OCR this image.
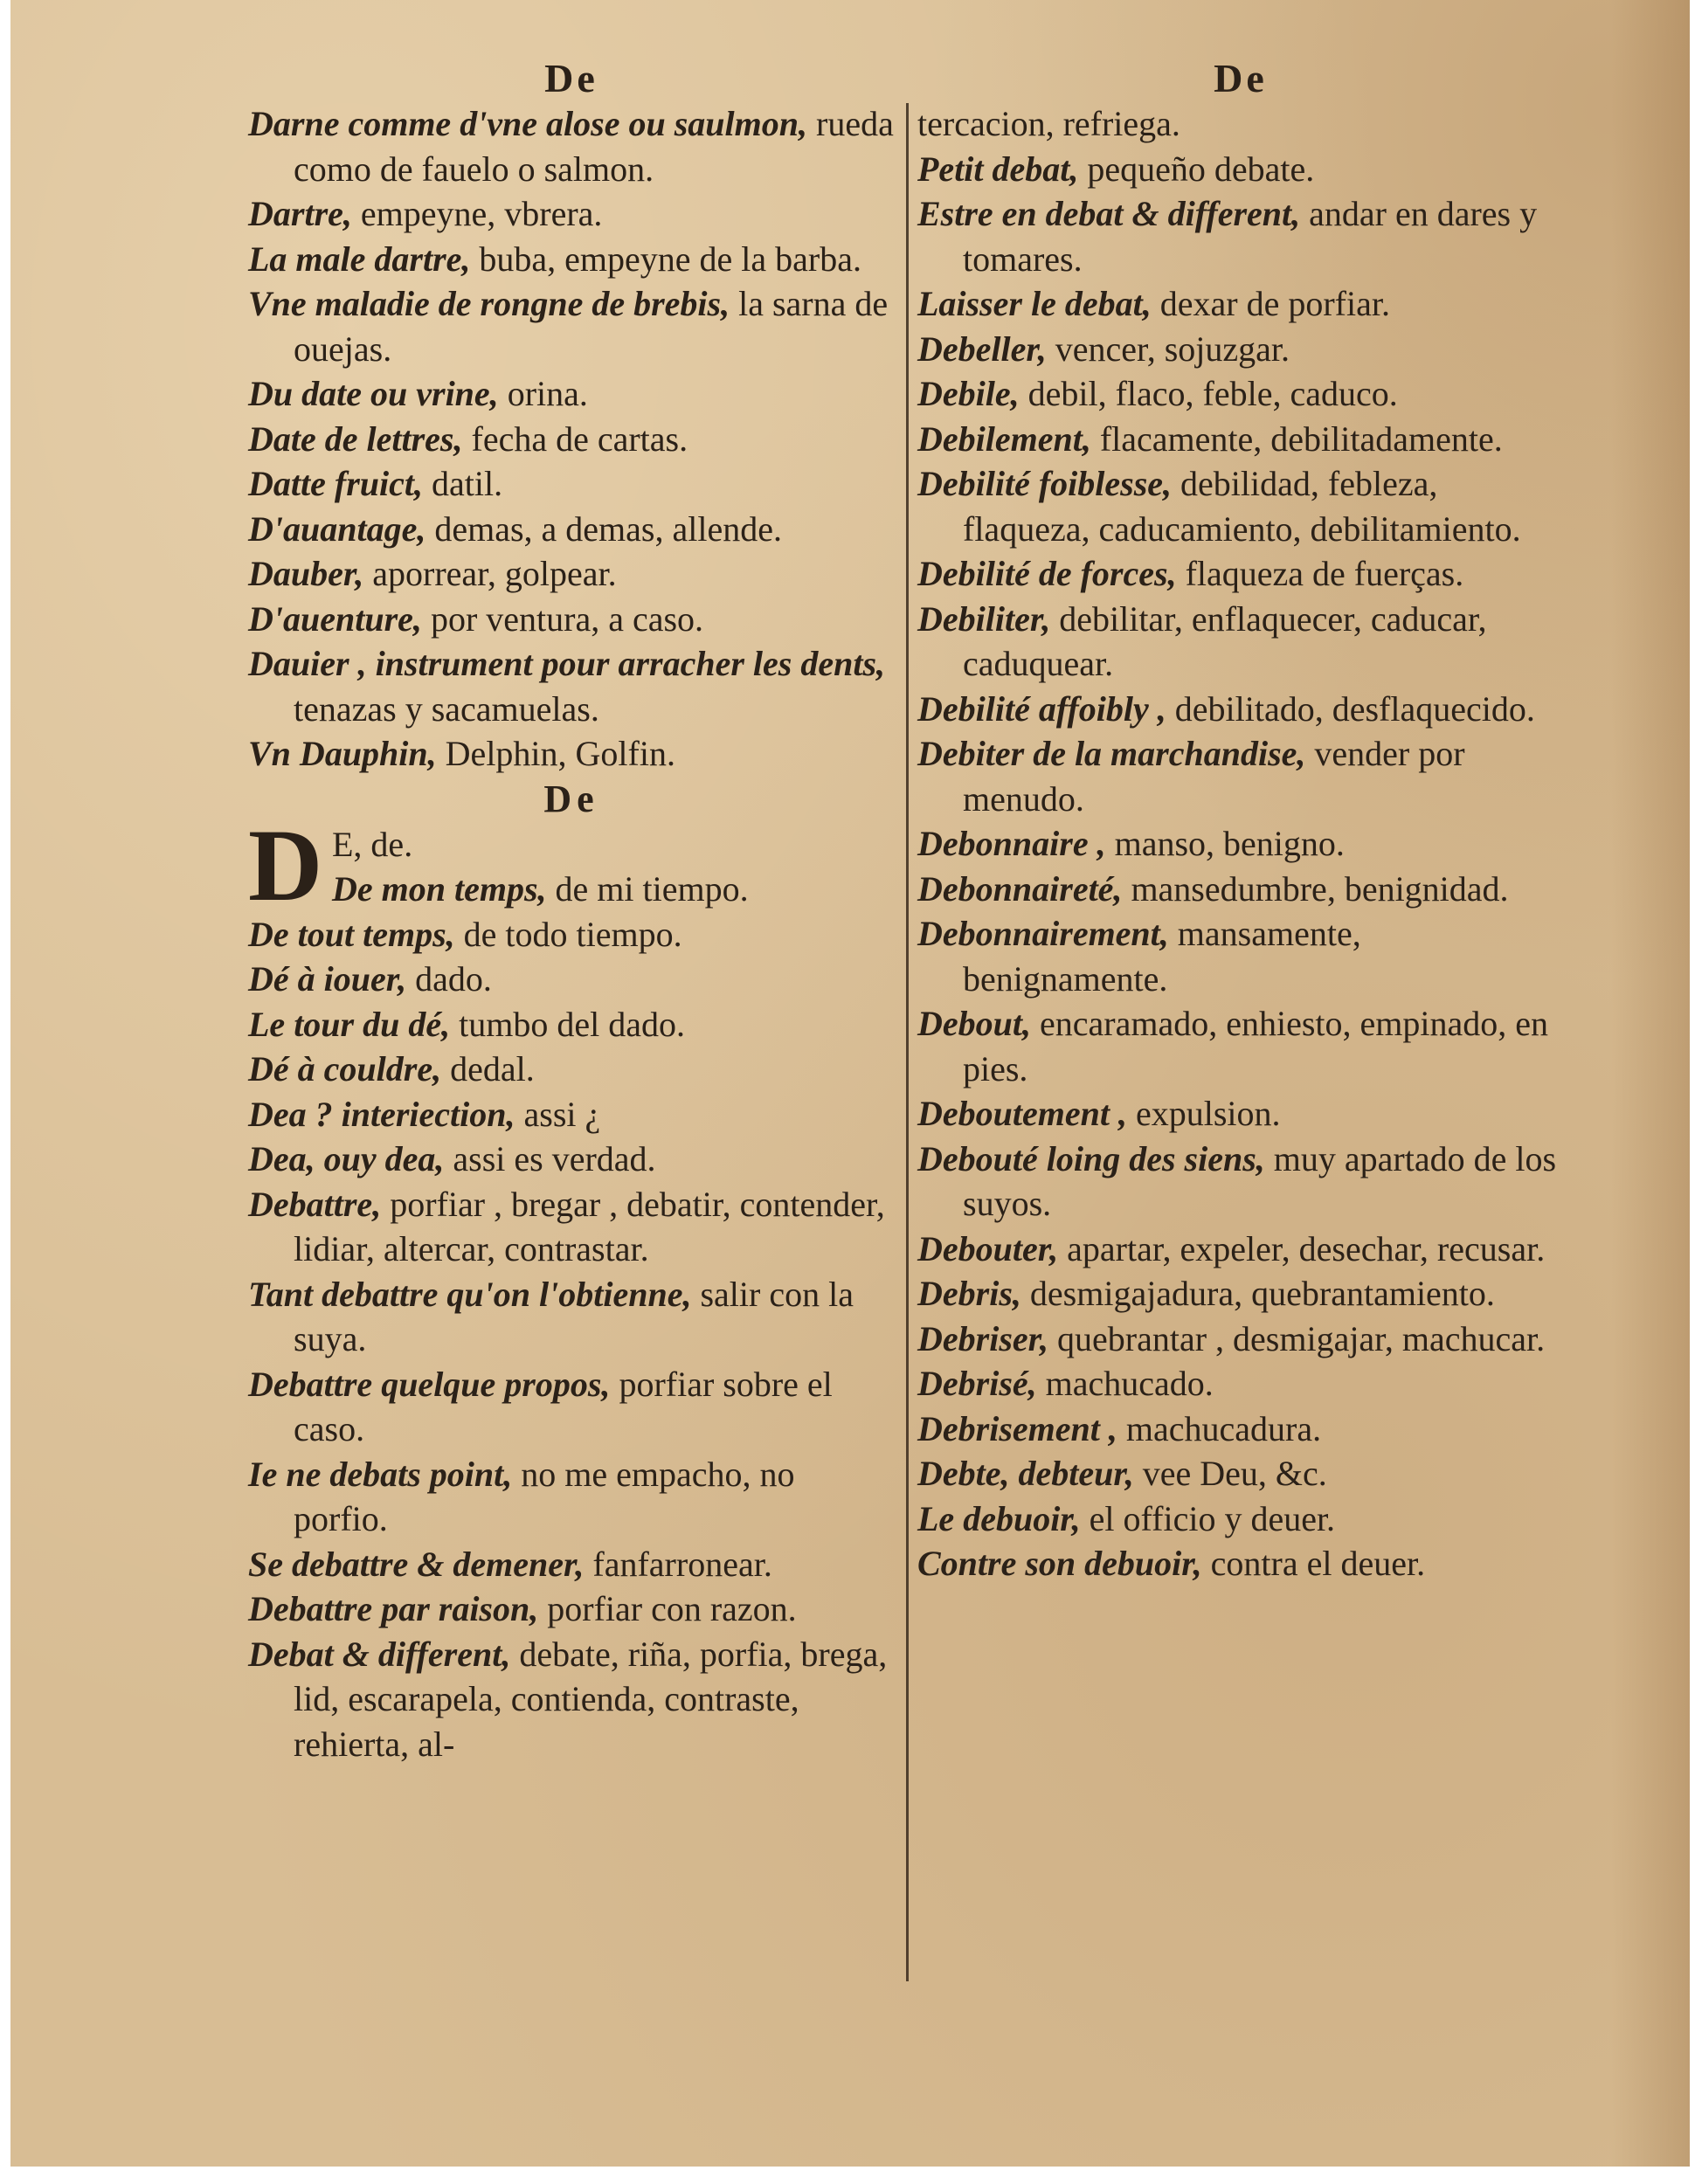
De

Darne comme d'vne alose ou saulmon, rueda como de fauelo o salmon.

Dartre, empeyne, vbrera.

La male dartre, buba, empeyne de la barba.

Vne maladie de rongne de brebis, la sarna de ouejas.

Du date ou vrine, orina.

Date de lettres, fecha de cartas.

Datte fruict, datil.

D'auantage, demas, a demas, allende.

Dauber, aporrear, golpear.

D'auenture, por ventura, a caso.

Dauier , instrument pour arracher les dents, tenazas y sacamuelas.

Vn Dauphin, Delphin, Golfin.

De
D E, de.

De mon temps, de mi tiempo.

De tout temps, de todo tiempo.

Dé à iouer, dado.

Le tour du dé, tumbo del dado.

Dé à couldre, dedal.

Dea ? interiection, assi ¿

Dea, ouy dea, assi es verdad.

Debattre, porfiar , bregar , debatir, contender, lidiar, altercar, contrastar.

Tant debattre qu'on l'obtienne, salir con la suya.

Debattre quelque propos, porfiar sobre el caso.

Ie ne debats point, no me empacho, no porfio.

Se debattre & demener, fanfarronear.

Debattre par raison, porfiar con razon.

Debat & different, debate, riña, porfia, brega, lid, escarapela, contienda, contraste, rehierta, al-

De

tercacion, refriega.

Petit debat, pequeño debate.

Estre en debat & different, andar en dares y tomares.

Laisser le debat, dexar de porfiar.

Debeller, vencer, sojuzgar.

Debile, debil, flaco, feble, caduco.

Debilement, flacamente, debilitadamente.

Debilité foiblesse, debilidad, febleza, flaqueza, caducamiento, debilitamiento.

Debilité de forces, flaqueza de fuerças.

Debiliter, debilitar, enflaquecer, caducar, caduquear.

Debilité affoibly , debilitado, desflaquecido.

Debiter de la marchandise, vender por menudo.

Debonnaire , manso, benigno.

Debonnaireté, mansedumbre, benignidad.

Debonnairement, mansamente, benignamente.

Debout, encaramado, enhiesto, empinado, en pies.

Deboutement , expulsion.

Debouté loing des siens, muy apartado de los suyos.

Debouter, apartar, expeler, desechar, recusar.

Debris, desmigajadura, quebrantamiento.

Debriser, quebrantar , desmigajar, machucar.

Debrisé, machucado.

Debrisement , machucadura.

Debte, debteur, vee Deu, &c.

Le debuoir, el officio y deuer.

Contre son debuoir, contra el deuer.
